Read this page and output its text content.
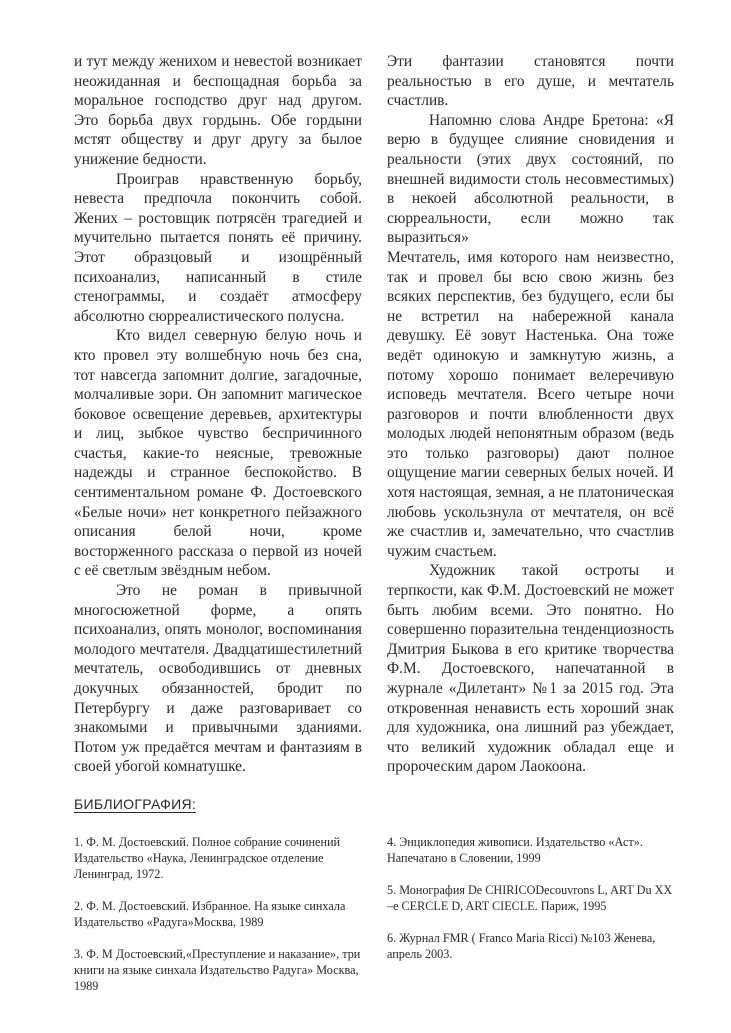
и тут между женихом и невестой возникает неожиданная и беспощадная борьба за моральное господство друг над другом. Это борьба двух гордынь. Обе гордыни мстят обществу и друг другу за былое унижение бедности.

Проиграв нравственную борьбу, невеста предпочла покончить собой. Жених – ростовщик потрясён трагедией и мучительно пытается понять её причину. Этот образцовый и изощрённый психоанализ, написанный в стиле стенограммы, и создаёт атмосферу абсолютно сюрреалистического полусна.

Кто видел северную белую ночь и кто провел эту волшебную ночь без сна, тот навсегда запомнит долгие, загадочные, молчаливые зори. Он запомнит магическое боковое освещение деревьев, архитектуры и лиц, зыбкое чувство беспричинного счастья, какие-то неясные, тревожные надежды и странное беспокойство. В сентиментальном романе Ф. Достоевского «Белые ночи» нет конкретного пейзажного описания белой ночи, кроме восторженного рассказа о первой из ночей с её светлым звёздным небом.

Это не роман в привычной многосюжетной форме, а опять психоанализ, опять монолог, воспоминания молодого мечтателя. Двадцатишестилетний мечтатель, освободившись от дневных докучных обязанностей, бродит по Петербургу и даже разговаривает со знакомыми и привычными зданиями. Потом уж предаётся мечтам и фантазиям в своей убогой комнатушке.

Эти фантазии становятся почти реальностью в его душе, и мечтатель счастлив.

Напомню слова Андре Бретона: «Я верю в будущее слияние сновидения и реальности (этих двух состояний, по внешней видимости столь несовместимых) в некоей абсолютной реальности, в сюрреальности, если можно так выразиться»

Мечтатель, имя которого нам неизвестно, так и провел бы всю свою жизнь без всяких перспектив, без будущего, если бы не встретил на набережной канала девушку. Её зовут Настенька. Она тоже ведёт одинокую и замкнутую жизнь, а потому хорошо понимает велеречивую исповедь мечтателя. Всего четыре ночи разговоров и почти влюбленности двух молодых людей непонятным образом (ведь это только разговоры) дают полное ощущение магии северных белых ночей. И хотя настоящая, земная, а не платоническая любовь ускользнула от мечтателя, он всё же счастлив и, замечательно, что счастлив чужим счастьем.

Художник такой остроты и терпкости, как Ф.М. Достоевский не может быть любим всеми. Это понятно. Но совершенно поразительна тенденциозность Дмитрия Быкова в его критике творчества Ф.М. Достоевского, напечатанной в журнале «Дилетант» №1 за 2015 год. Эта откровенная ненависть есть хороший знак для художника, она лишний раз убеждает, что великий художник обладал еще и пророческим даром Лаокоона.

БИБЛИОГРАФИЯ:

1. Ф. М. Достоевский. Полное собрание сочинений Издательство «Наука, Ленинградское отделение Ленинград, 1972.

2. Ф. М. Достоевский. Избранное. На языке синхала Издательство «Радуга»Москва, 1989

3. Ф. М Достоевский,«Преступление и наказание», три книги на языке синхала Издательство Радуга» Москва, 1989

4. Энциклопедия живописи. Издательство «Аст». Напечатано в Словении, 1999

5. Монография De CHIRICODecouvrons L, ART Du XX –e CERCLE D, ART CIECLE. Париж, 1995

6. Журнал FMR ( Franco Maria Ricci) №103 Женева, апрель 2003.
